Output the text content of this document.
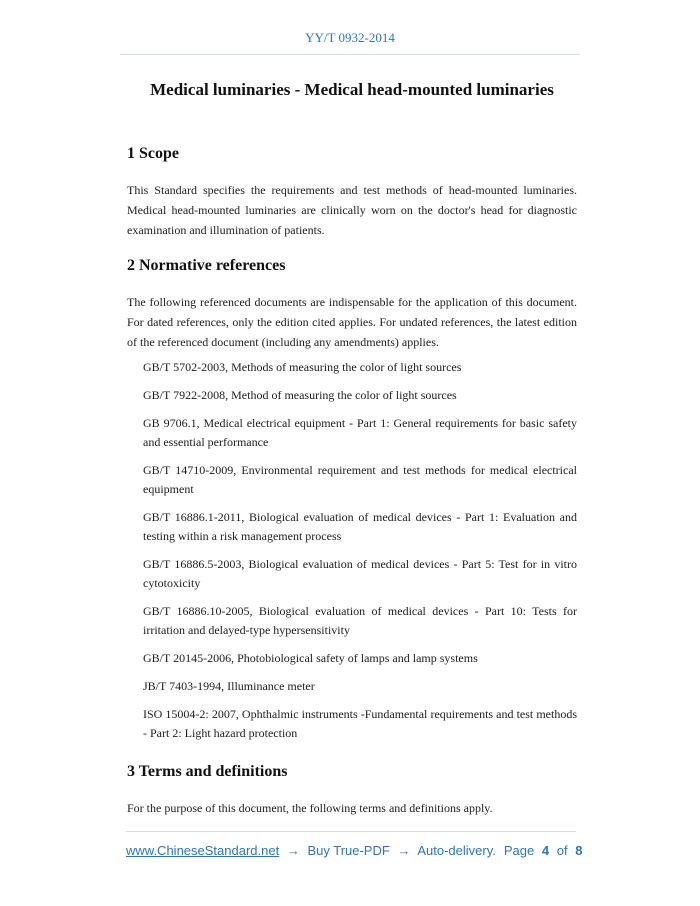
YY/T 0932-2014
Medical luminaries - Medical head-mounted luminaries
1 Scope

This Standard specifies the requirements and test methods of head-mounted luminaries. Medical head-mounted luminaries are clinically worn on the doctor's head for diagnostic examination and illumination of patients.

2 Normative references

The following referenced documents are indispensable for the application of this document. For dated references, only the edition cited applies. For undated references, the latest edition of the referenced document (including any amendments) applies.

GB/T 5702-2003, Methods of measuring the color of light sources

GB/T 7922-2008, Method of measuring the color of light sources

GB 9706.1, Medical electrical equipment - Part 1: General requirements for basic safety and essential performance

GB/T 14710-2009, Environmental requirement and test methods for medical electrical equipment

GB/T 16886.1-2011, Biological evaluation of medical devices - Part 1: Evaluation and testing within a risk management process

GB/T 16886.5-2003, Biological evaluation of medical devices - Part 5: Test for in vitro cytotoxicity

GB/T 16886.10-2005, Biological evaluation of medical devices - Part 10: Tests for irritation and delayed-type hypersensitivity

GB/T 20145-2006, Photobiological safety of lamps and lamp systems

JB/T 7403-1994, Illuminance meter

ISO 15004-2: 2007, Ophthalmic instruments -Fundamental requirements and test methods - Part 2: Light hazard protection

3 Terms and definitions

For the purpose of this document, the following terms and definitions apply.

www.ChineseStandard.net → Buy True-PDF → Auto-delivery. Page 4 of 8
